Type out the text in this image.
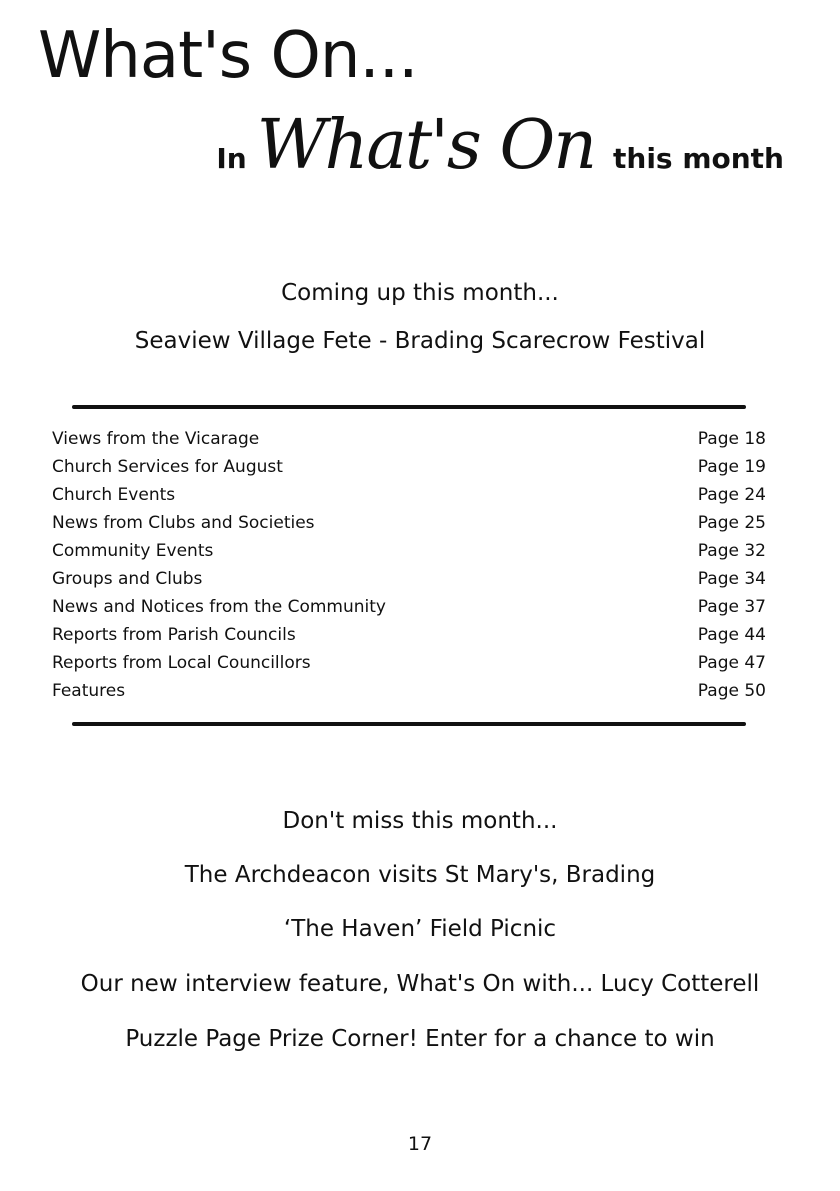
What's On...
In What's On this month

Coming up this month...

Seaview Village Fete - Brading Scarecrow Festival

Views from the Vicarage	Page 18
Church Services for August	Page 19
Church Events	Page 24
News from Clubs and Societies	Page 25
Community Events	Page 32
Groups and Clubs	Page 34
News and Notices from the Community	Page 37
Reports from Parish Councils	Page 44
Reports from Local Councillors	Page 47
Features	Page 50

Don't miss this month...

The Archdeacon visits St Mary's, Brading

‘The Haven’ Field Picnic

Our new interview feature, What's On with... Lucy Cotterell

Puzzle Page Prize Corner! Enter for a chance to win

17
